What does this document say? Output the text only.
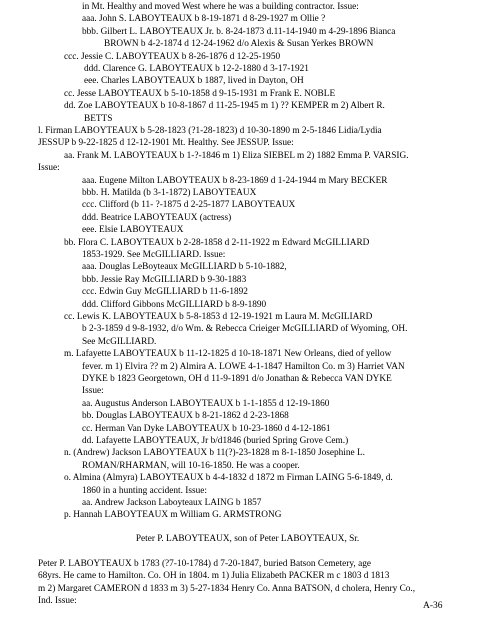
in Mt. Healthy and moved West where he was a building contractor. Issue:
aaa. John S. LABOYTEAUX b 8-19-1871 d 8-29-1927 m Ollie ?
bbb. Gilbert L. LABOYTEAUX Jr. b. 8-24-1873 d.11-14-1940 m 4-29-1896 Bianca
BROWN b 4-2-1874 d 12-24-1962 d/o Alexis & Susan Yerkes BROWN
ccc. Jessie C. LABOYTEAUX b 8-26-1876 d 12-25-1950
ddd. Clarence G. LABOYTEAUX b 12-2-1880 d 3-17-1921
eee. Charles LABOYTEAUX b 1887, lived in Dayton, OH
cc. Jesse LABOYTEAUX b 5-10-1858 d 9-15-1931 m Frank E. NOBLE
dd. Zoe LABOYTEAUX b 10-8-1867 d 11-25-1945 m 1) ?? KEMPER m 2) Albert R.
BETTS
l. Firman LABOYTEAUX b 5-28-1823 (?1-28-1823) d 10-30-1890 m 2-5-1846 Lidia/Lydia
JESSUP b 9-22-1825 d 12-12-1901 Mt. Healthy. See JESSUP. Issue:
aa. Frank M. LABOYTEAUX b 1-?-1846 m 1) Eliza SIEBEL m 2) 1882 Emma P. VARSIG.
Issue:
aaa. Eugene Milton LABOYTEAUX b 8-23-1869 d 1-24-1944 m Mary BECKER
bbb. H. Matilda (b 3-1-1872) LABOYTEAUX
ccc. Clifford (b 11- ?-1875 d 2-25-1877 LABOYTEAUX
ddd. Beatrice LABOYTEAUX (actress)
eee. Elsie LABOYTEAUX
bb. Flora C. LABOYTEAUX b 2-28-1858 d 2-11-1922 m Edward McGILLIARD
1853-1929. See McGILLIARD. Issue:
aaa. Douglas LeBoyteaux McGILLIARD b 5-10-1882,
bbb. Jessie Ray McGILLIARD b 9-30-1883
ccc. Edwin Guy McGILLIARD b 11-6-1892
ddd. Clifford Gibbons McGILLIARD b 8-9-1890
cc. Lewis K. LABOYTEAUX b 5-8-1853 d 12-19-1921 m Laura M. McGILIARD
b 2-3-1859 d 9-8-1932, d/o Wm. & Rebecca Crieiger McGILLIARD of Wyoming, OH.
See McGILLIARD.
m. Lafayette LABOYTEAUX b 11-12-1825 d 10-18-1871 New Orleans, died of yellow
fever. m 1) Elvira ?? m 2) Almira A. LOWE 4-1-1847 Hamilton Co. m 3) Harriet VAN
DYKE b 1823 Georgetown, OH d 11-9-1891 d/o Jonathan & Rebecca VAN DYKE
Issue:
aa. Augustus Anderson LABOYTEAUX b 1-1-1855 d 12-19-1860
bb. Douglas LABOYTEAUX b 8-21-1862 d 2-23-1868
cc. Herman Van Dyke LABOYTEAUX b 10-23-1860 d 4-12-1861
dd. Lafayette LABOYTEAUX, Jr b/d1846 (buried Spring Grove Cem.)
n. (Andrew) Jackson LABOYTEAUX b 11(?)-23-1828 m 8-1-1850 Josephine L.
ROMAN/RHARMAN, will 10-16-1850. He was a cooper.
o. Almina (Almyra) LABOYTEAUX b 4-4-1832 d 1872 m Firman LAING 5-6-1849, d.
1860 in a hunting accident. Issue:
aa. Andrew Jackson Laboyteaux LAING b 1857
p. Hannah LABOYTEAUX m William G. ARMSTRONG
Peter P. LABOYTEAUX, son of Peter LABOYTEAUX, Sr.
Peter P. LABOYTEAUX b 1783 (?7-10-1784) d 7-20-1847, buried Batson Cemetery, age
68yrs. He came to Hamilton. Co. OH in 1804. m 1) Julia Elizabeth PACKER m c 1803 d 1813
m 2) Margaret CAMERON d 1833 m 3) 5-27-1834 Henry Co. Anna BATSON, d cholera, Henry Co.,
Ind. Issue:	A-36
